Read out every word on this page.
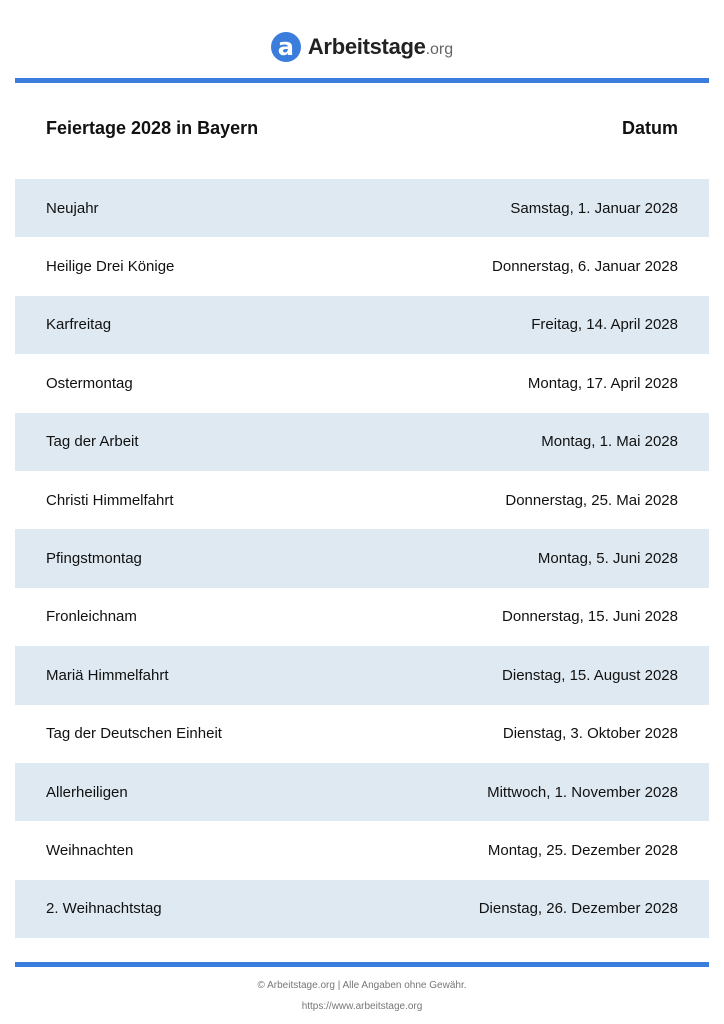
a Arbeitstage .org
Feiertage 2028 in Bayern	Datum
Neujahr	Samstag, 1. Januar 2028
Heilige Drei Könige	Donnerstag, 6. Januar 2028
Karfreitag	Freitag, 14. April 2028
Ostermontag	Montag, 17. April 2028
Tag der Arbeit	Montag, 1. Mai 2028
Christi Himmelfahrt	Donnerstag, 25. Mai 2028
Pfingstmontag	Montag, 5. Juni 2028
Fronleichnam	Donnerstag, 15. Juni 2028
Mariä Himmelfahrt	Dienstag, 15. August 2028
Tag der Deutschen Einheit	Dienstag, 3. Oktober 2028
Allerheiligen	Mittwoch, 1. November 2028
Weihnachten	Montag, 25. Dezember 2028
2. Weihnachtstag	Dienstag, 26. Dezember 2028
© Arbeitstage.org | Alle Angaben ohne Gewähr.
https://www.arbeitstage.org
